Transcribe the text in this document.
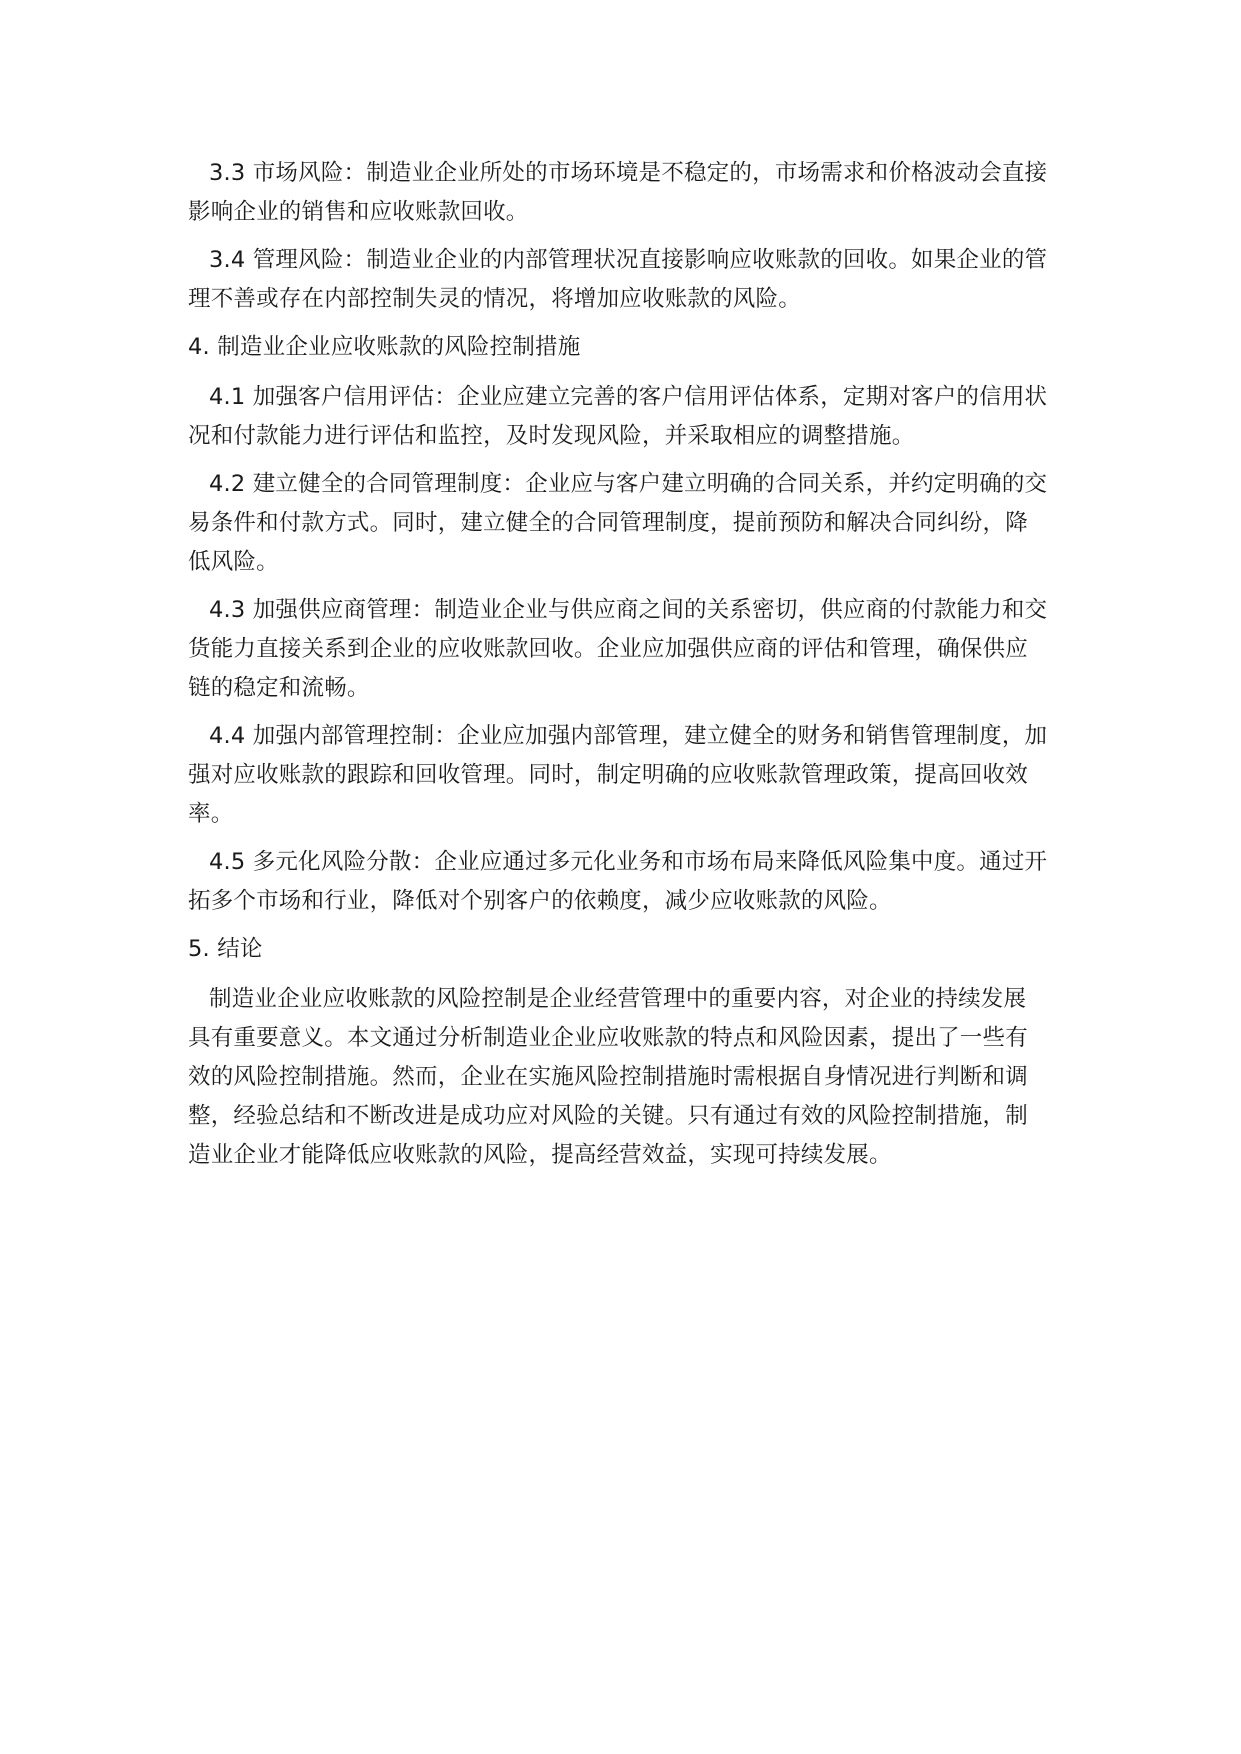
3.3 市场风险：制造业企业所处的市场环境是不稳定的，市场需求和价格波动会直接
影响企业的销售和应收账款回收。

3.4 管理风险：制造业企业的内部管理状况直接影响应收账款的回收。如果企业的管
理不善或存在内部控制失灵的情况，将增加应收账款的风险。

4. 制造业企业应收账款的风险控制措施

4.1 加强客户信用评估：企业应建立完善的客户信用评估体系，定期对客户的信用状
况和付款能力进行评估和监控，及时发现风险，并采取相应的调整措施。

4.2 建立健全的合同管理制度：企业应与客户建立明确的合同关系，并约定明确的交
易条件和付款方式。同时，建立健全的合同管理制度，提前预防和解决合同纠纷，降
低风险。

4.3 加强供应商管理：制造业企业与供应商之间的关系密切，供应商的付款能力和交
货能力直接关系到企业的应收账款回收。企业应加强供应商的评估和管理，确保供应
链的稳定和流畅。

4.4 加强内部管理控制：企业应加强内部管理，建立健全的财务和销售管理制度，加
强对应收账款的跟踪和回收管理。同时，制定明确的应收账款管理政策，提高回收效
率。

4.5 多元化风险分散：企业应通过多元化业务和市场布局来降低风险集中度。通过开
拓多个市场和行业，降低对个别客户的依赖度，减少应收账款的风险。

5. 结论

制造业企业应收账款的风险控制是企业经营管理中的重要内容，对企业的持续发展
具有重要意义。本文通过分析制造业企业应收账款的特点和风险因素，提出了一些有
效的风险控制措施。然而，企业在实施风险控制措施时需根据自身情况进行判断和调
整，经验总结和不断改进是成功应对风险的关键。只有通过有效的风险控制措施，制
造业企业才能降低应收账款的风险，提高经营效益，实现可持续发展。
